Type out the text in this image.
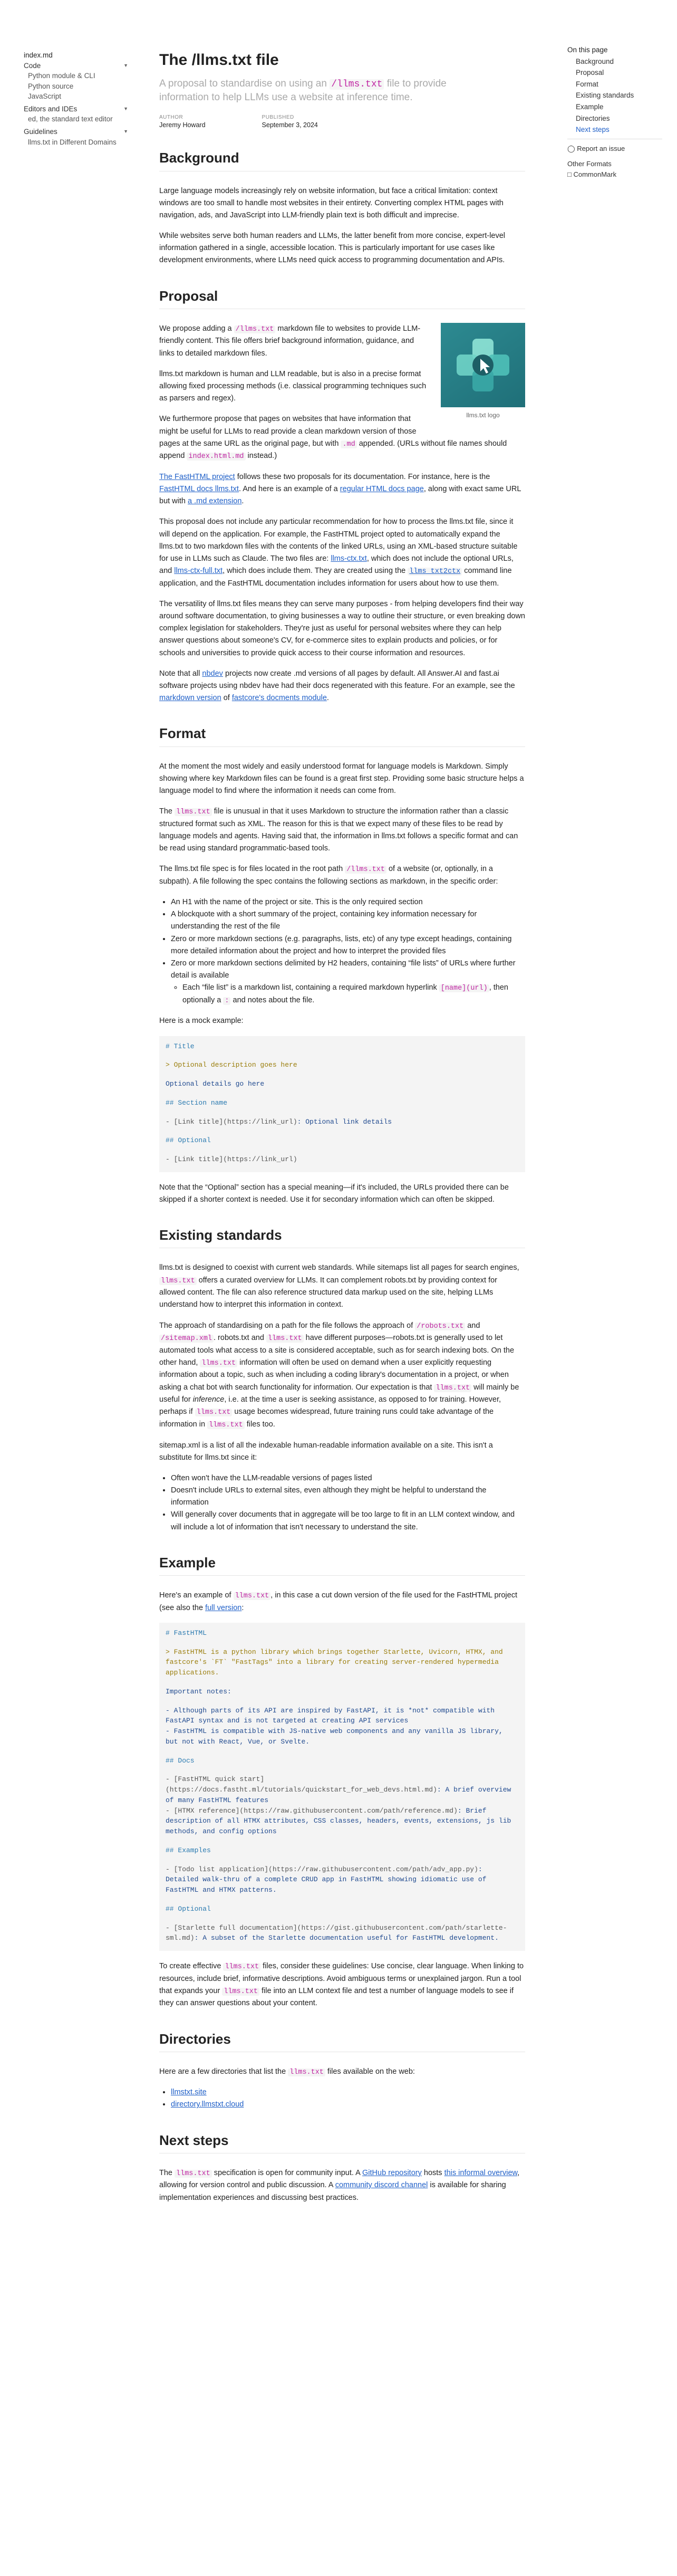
index.md
Code	▼
Python module & CLI
Python source
JavaScript
Editors and IDEs	▼
ed, the standard text editor
Guidelines	▼
llms.txt in Different Domains
The /llms.txt file
A proposal to standardise on using an /llms.txt file to provide information to help LLMs use a website at inference time.
AUTHOR
Jeremy Howard
PUBLISHED
September 3, 2024
Background

Large language models increasingly rely on website information, but face a critical limitation: context windows are too small to handle most websites in their entirety. Converting complex HTML pages with navigation, ads, and JavaScript into LLM-friendly plain text is both difficult and imprecise.

While websites serve both human readers and LLMs, the latter benefit from more concise, expert-level information gathered in a single, accessible location. This is particularly important for use cases like development environments, where LLMs need quick access to programming documentation and APIs.

Proposal
llms.txt logo

We propose adding a /llms.txt markdown file to websites to provide LLM-friendly content. This file offers brief background information, guidance, and links to detailed markdown files.

llms.txt markdown is human and LLM readable, but is also in a precise format allowing fixed processing methods (i.e. classical programming techniques such as parsers and regex).

We furthermore propose that pages on websites that have information that might be useful for LLMs to read provide a clean markdown version of those pages at the same URL as the original page, but with .md appended. (URLs without file names should append index.html.md instead.)

The FastHTML project follows these two proposals for its documentation. For instance, here is the FastHTML docs llms.txt. And here is an example of a regular HTML docs page, along with exact same URL but with a .md extension.

This proposal does not include any particular recommendation for how to process the llms.txt file, since it will depend on the application. For example, the FastHTML project opted to automatically expand the llms.txt to two markdown files with the contents of the linked URLs, using an XML-based structure suitable for use in LLMs such as Claude. The two files are: llms-ctx.txt, which does not include the optional URLs, and llms-ctx-full.txt, which does include them. They are created using the llms_txt2ctx command line application, and the FastHTML documentation includes information for users about how to use them.

The versatility of llms.txt files means they can serve many purposes - from helping developers find their way around software documentation, to giving businesses a way to outline their structure, or even breaking down complex legislation for stakeholders. They're just as useful for personal websites where they can help answer questions about someone's CV, for e-commerce sites to explain products and policies, or for schools and universities to provide quick access to their course information and resources.

Note that all nbdev projects now create .md versions of all pages by default. All Answer.AI and fast.ai software projects using nbdev have had their docs regenerated with this feature. For an example, see the markdown version of fastcore's docments module.

Format

At the moment the most widely and easily understood format for language models is Markdown. Simply showing where key Markdown files can be found is a great first step. Providing some basic structure helps a language model to find where the information it needs can come from.

The llms.txt file is unusual in that it uses Markdown to structure the information rather than a classic structured format such as XML. The reason for this is that we expect many of these files to be read by language models and agents. Having said that, the information in llms.txt follows a specific format and can be read using standard programmatic-based tools.

The llms.txt file spec is for files located in the root path /llms.txt of a website (or, optionally, in a subpath). A file following the spec contains the following sections as markdown, in the specific order:

• An H1 with the name of the project or site. This is the only required section
• A blockquote with a short summary of the project, containing key information necessary for understanding the rest of the file
• Zero or more markdown sections (e.g. paragraphs, lists, etc) of any type except headings, containing more detailed information about the project and how to interpret the provided files
• Zero or more markdown sections delimited by H2 headers, containing “file lists” of URLs where further detail is available
◦ Each “file list” is a markdown list, containing a required markdown hyperlink [name](url) , then optionally a : and notes about the file.

Here is a mock example:

# Title
> Optional description goes here
Optional details go here
## Section name
- [Link title](https://link_url): Optional link details
## Optional
- [Link title](https://link_url)

Note that the “Optional” section has a special meaning—if it's included, the URLs provided there can be skipped if a shorter context is needed. Use it for secondary information which can often be skipped.

Existing standards

llms.txt is designed to coexist with current web standards. While sitemaps list all pages for search engines, llms.txt offers a curated overview for LLMs. It can complement robots.txt by providing context for allowed content. The file can also reference structured data markup used on the site, helping LLMs understand how to interpret this information in context.

The approach of standardising on a path for the file follows the approach of /robots.txt and /sitemap.xml . robots.txt and llms.txt have different purposes—robots.txt is generally used to let automated tools what access to a site is considered acceptable, such as for search indexing bots. On the other hand, llms.txt information will often be used on demand when a user explicitly requesting information about a topic, such as when including a coding library's documentation in a project, or when asking a chat bot with search functionality for information. Our expectation is that llms.txt will mainly be useful for inference, i.e. at the time a user is seeking assistance, as opposed to for training. However, perhaps if llms.txt usage becomes widespread, future training runs could take advantage of the information in llms.txt files too.

sitemap.xml is a list of all the indexable human-readable information available on a site. This isn't a substitute for llms.txt since it:

• Often won't have the LLM-readable versions of pages listed
• Doesn't include URLs to external sites, even although they might be helpful to understand the information
• Will generally cover documents that in aggregate will be too large to fit in an LLM context window, and will include a lot of information that isn't necessary to understand the site.
Example

Here's an example of llms.txt , in this case a cut down version of the file used for the FastHTML project (see also the full version:

# FastHTML
> FastHTML is a python library which brings together Starlette, Uvicorn, HTMX, and fastcore's `FT` "FastTags" into a library for creating server-rendered hypermedia applications.
Important notes:
- Although parts of its API are inspired by FastAPI, it is *not* compatible with FastAPI syntax and is not targeted at creating API services
- FastHTML is compatible with JS-native web components and any vanilla JS library, but not with React, Vue, or Svelte.
## Docs
- [FastHTML quick start](https://docs.fastht.ml/tutorials/quickstart_for_web_devs.html.md): A brief overview of many FastHTML features
- [HTMX reference](https://raw.githubusercontent.com/path/reference.md): Brief description of all HTMX attributes, CSS classes, headers, events, extensions, js lib methods, and config options
## Examples
- [Todo list application](https://raw.githubusercontent.com/path/adv_app.py): Detailed walk-thru of a complete CRUD app in FastHTML showing idiomatic use of FastHTML and HTMX patterns.
## Optional
- [Starlette full documentation](https://gist.githubusercontent.com/path/starlette-sml.md): A subset of the Starlette documentation useful for FastHTML development.

To create effective llms.txt files, consider these guidelines: Use concise, clear language. When linking to resources, include brief, informative descriptions. Avoid ambiguous terms or unexplained jargon. Run a tool that expands your llms.txt file into an LLM context file and test a number of language models to see if they can answer questions about your content.

Directories

Here are a few directories that list the llms.txt files available on the web:

• llmstxt.site
• directory.llmstxt.cloud
Next steps

The llms.txt specification is open for community input. A GitHub repository hosts this informal overview, allowing for version control and public discussion. A community discord channel is available for sharing implementation experiences and discussing best practices.

On this page
Background
Proposal
Format
Existing standards
Example
Directories
Next steps
◯ Report an issue
Other Formats
□ CommonMark
